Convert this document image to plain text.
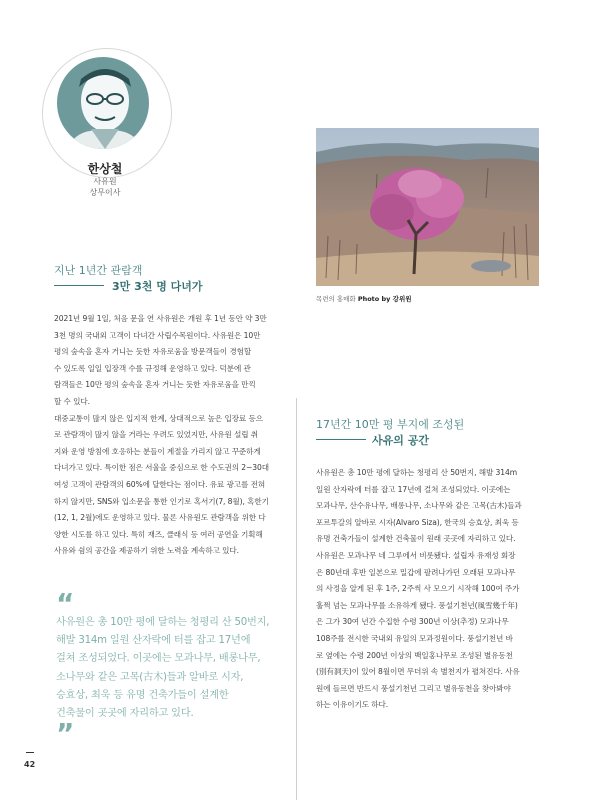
한상철
사유원
상무이사
지난 1년간 관람객
3만 3천 명 다녀가
2021년 9월 1일, 처음 문을 연 사유원은 개원 후 1년 동안 약 3만
3천 명의 국내외 고객이 다녀간 사립수목원이다. 사유원은 10만
평의 숲속을 혼자 거니는 듯한 자유로움을 방문객들이 경험할
수 있도록 일일 입장객 수를 규정해 운영하고 있다. 덕분에 관
람객들은 10만 평의 숲속을 혼자 거니는 듯한 자유로움을 만끽
할 수 있다.
대중교통이 많지 않은 입지적 한계, 상대적으로 높은 입장료 등으
로 관람객이 많지 않을 거라는 우려도 있었지만, 사유원 설립 취
지와 운영 방침에 호응하는 분들이 계절을 가리지 않고 꾸준하게
다녀가고 있다. 특이한 점은 서울을 중심으로 한 수도권의 2~30대
여성 고객이 관람객의 60%에 달한다는 점이다. 유료 광고를 전혀
하지 않지만, SNS와 입소문을 통한 인기로 혹서기(7, 8월), 혹한기
(12, 1, 2월)에도 운영하고 있다. 물론 사유원도 관람객을 위한 다
양한 시도를 하고 있다. 특히 재즈, 클래식 등 여러 공연을 기획해
사유와 쉼의 공간을 제공하기 위한 노력을 계속하고 있다.
“
사유원은 총 10만 평에 달하는 청평리 산 50번지,
해발 314m 일원 산자락에 터를 잡고 17년에
걸쳐 조성되었다. 이곳에는 모과나무, 배롱나무,
소나무와 같은 고목(古木)들과 알바로 시자,
승효상, 최욱 등 유명 건축가들이 설계한
건축물이 곳곳에 자리하고 있다.
”
목련의 홍매화 Photo by 강위원
17년간 10만 평 부지에 조성된
사유의 공간
사유원은 총 10만 평에 달하는 청평리 산 50번지, 해발 314m
일원 산자락에 터를 잡고 17년에 걸쳐 조성되었다. 이곳에는
모과나무, 산수유나무, 배롱나무, 소나무와 같은 고목(古木)들과
포르투갈의 알바로 시자(Alvaro Siza), 한국의 승효상, 최욱 등
유명 건축가들이 설계한 건축물이 원래 곳곳에 자리하고 있다.
사유원은 모과나무 네 그루에서 비롯됐다. 설립자 유재성 회장
은 80년대 후반 일본으로 밀갑에 팔려나가던 오래된 모과나무
의 사정을 알게 된 후 1주, 2주씩 사 모으기 시작해 100여 주가
훌쩍 넘는 모과나무를 소유하게 됐다. 풍설기천년(風雪幾千年)
은 그가 30여 년간 수집한 수령 300년 이상(추정) 모과나무
108주를 전시한 국내외 유일의 모과정원이다. 풍설기천년 바
로 옆에는 수령 200년 이상의 백일홍나무로 조성된 별유동천
(別有洞天)이 있어 8월이면 무더위 속 별천지가 펼쳐진다. 사유
원에 들르면 반드시 풍설기천년 그리고 별유동천을 찾아봐야
하는 이유이기도 하다.
42
